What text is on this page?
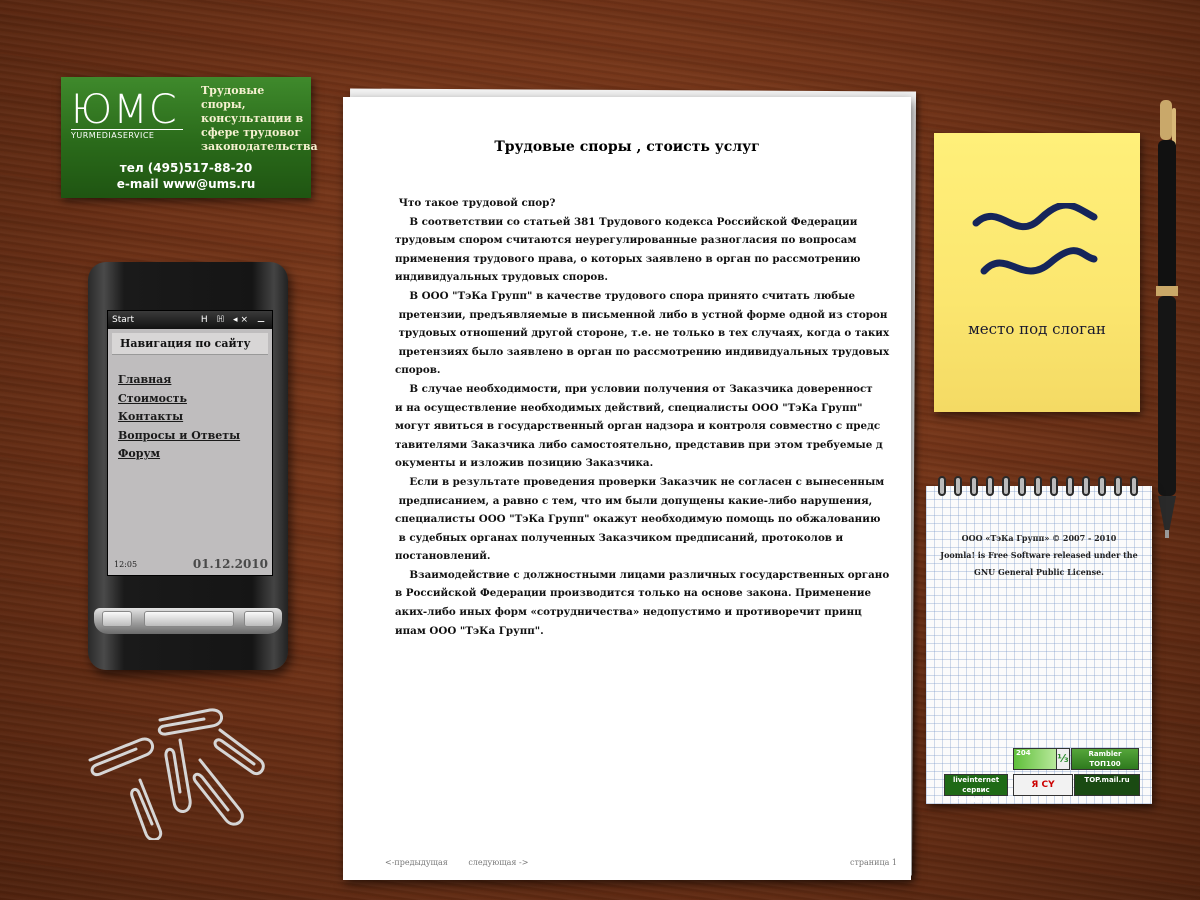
ЮМС
YURMEDIASERVICE
Трудовые споры, консультации в сфере трудовог законодательства
тел (495)517-88-20
e-mail www@ums.ru
Start	H ℍ ◂× ⚊
Навигация по сайту
Главная
Стоимость
Контакты
Вопросы и Ответы
Форум
12:05	01.12.2010
Трудовые споры , стоисть услуг

Что такое трудовой спор?

В соответствии со статьей 381 Трудового кодекса Российской Федерации
трудовым спором считаются неурегулированные разногласия по вопросам
применения трудового права, о которых заявлено в орган по рассмотрению
индивидуальных трудовых споров.

В ООО "ТэКа Групп" в качестве трудового спора принято считать любые
претензии, предъявляемые в письменной либо в устной форме одной из сторон
трудовых отношений другой стороне, т.е. не только в тех случаях, когда о таких
претензиях было заявлено в орган по рассмотрению индивидуальных трудовых
споров.

В случае необходимости, при условии получения от Заказчика доверенност
и на осуществление необходимых действий, специалисты ООО "ТэКа Групп"
могут явиться в государственный орган надзора и контроля совместно с предс
тавителями Заказчика либо самостоятельно, представив при этом требуемые д
окументы и изложив позицию Заказчика.

Если в результате проведения проверки Заказчик не согласен с вынесенным
предписанием, а равно с тем, что им были допущены какие-либо нарушения,
специалисты ООО "ТэКа Групп" окажут необходимую помощь по обжалованию
в судебных органах полученных Заказчиком предписаний, протоколов и
постановлений.

Взаимодействие с должностными лицами различных государственных органо
в Российской Федерации производится только на основе закона. Применение
аких-либо иных форм «сотрудничества» недопустимо и противоречит принц
ипам ООО "ТэКа Групп".

<-предыдущая	следующая ->	страница 1
место под слоган
ООО «ТэКа Групп» © 2007 - 2010
Joomla! is Free Software released under the
GNU General Public License.
204	⅓	Rambler ТОП100
liveinternet сервис статистики
Я CY	TOP.mail.ru
